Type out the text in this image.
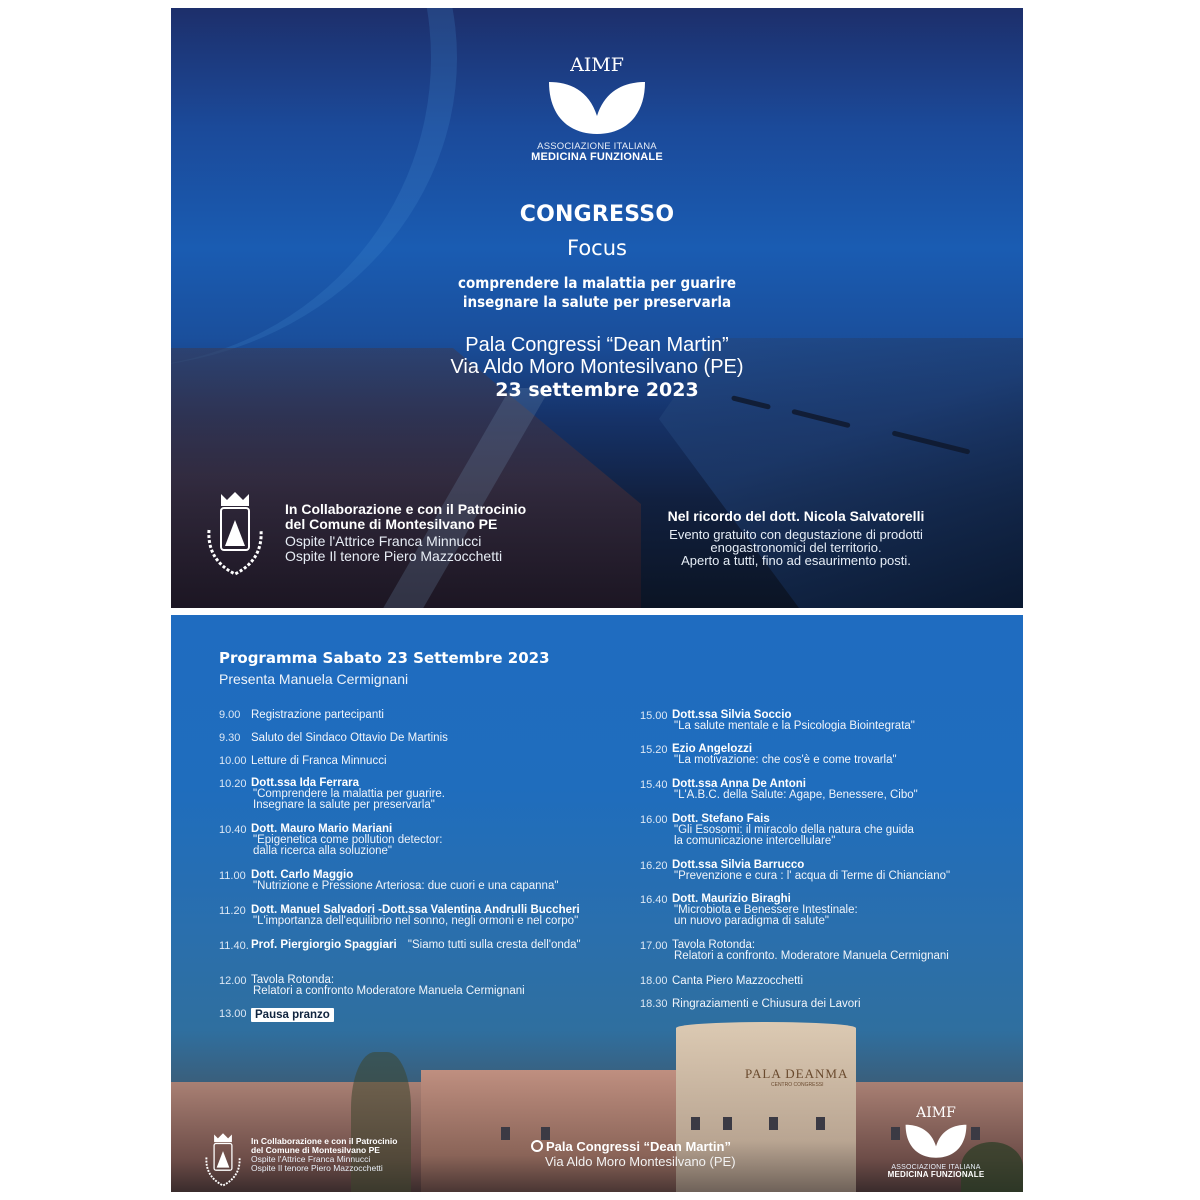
AIMF
ASSOCIAZIONE ITALIANA
MEDICINA FUNZIONALE
CONGRESSO
Focus
comprendere la malattia per guarire
insegnare la salute per preservarla
Pala Congressi “Dean Martin”
Via Aldo Moro Montesilvano (PE)
23 settembre 2023
In Collaborazione e con il Patrocinio
del Comune di Montesilvano PE
Ospite l'Attrice Franca Minnucci
Ospite Il tenore Piero Mazzocchetti
Nel ricordo del dott. Nicola Salvatorelli
Evento gratuito con degustazione di prodotti
enogastronomici del territorio.
Aperto a tutti, fino ad esaurimento posti.
Programma Sabato 23 Settembre 2023
Presenta Manuela Cermignani
9.00 Registrazione partecipanti
9.30 Saluto del Sindaco Ottavio De Martinis
10.00 Letture di Franca Minnucci
10.20 Dott.ssa Ida Ferrara
"Comprendere la malattia per guarire.
Insegnare la salute per preservarla"
10.40 Dott. Mauro Mario Mariani
"Epigenetica come pollution detector:
dalla ricerca alla soluzione"
11.00 Dott. Carlo Maggio
"Nutrizione e Pressione Arteriosa: due cuori e una capanna"
11.20 Dott. Manuel Salvadori -Dott.ssa Valentina Andrulli Buccheri
"L'importanza dell'equilibrio nel sonno, negli ormoni e nel corpo"
11.40. Prof. Piergiorgio Spaggiari "Siamo tutti sulla cresta dell'onda"
12.00 Tavola Rotonda:
Relatori a confronto Moderatore Manuela Cermignani
13.00 Pausa pranzo
15.00 Dott.ssa Silvia Soccio
"La salute mentale e la Psicologia Biointegrata"
15.20 Ezio Angelozzi
"La motivazione: che cos'è e come trovarla"
15.40 Dott.ssa Anna De Antoni
"L'A.B.C. della Salute: Agape, Benessere, Cibo"
16.00 Dott. Stefano Fais
"Gli Esosomi: il miracolo della natura che guida
la comunicazione intercellulare"
16.20 Dott.ssa Silvia Barrucco
"Prevenzione e cura : l' acqua di Terme di Chianciano"
16.40 Dott. Maurizio Biraghi
"Microbiota e Benessere Intestinale:
un nuovo paradigma di salute"
17.00 Tavola Rotonda:
Relatori a confronto. Moderatore Manuela Cermignani
18.00 Canta Piero Mazzocchetti
18.30 Ringraziamenti e Chiusura dei Lavori
PALA DEANMA
CENTRO CONGRESSI
In Collaborazione e con il Patrocinio
del Comune di Montesilvano PE
Ospite l'Attrice Franca Minnucci
Ospite Il tenore Piero Mazzocchetti
Pala Congressi “Dean Martin”
Via Aldo Moro Montesilvano (PE)
AIMF
ASSOCIAZIONE ITALIANA
MEDICINA FUNZIONALE
